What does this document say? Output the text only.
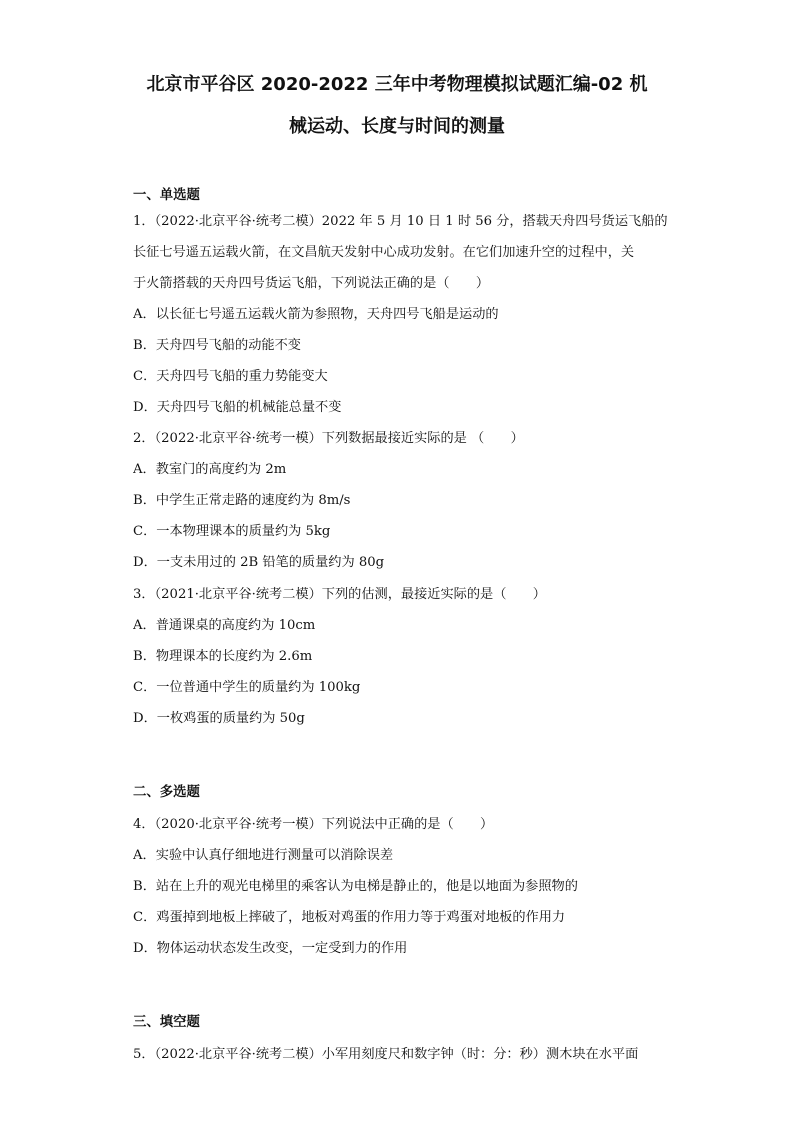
北京市平谷区 2020-2022 三年中考物理模拟试题汇编-02 机
械运动、长度与时间的测量
一、单选题
1．（2022·北京平谷·统考二模）2022 年 5 月 10 日 1 时 56 分，搭载天舟四号货运飞船的
长征七号遥五运载火箭，在文昌航天发射中心成功发射。在它们加速升空的过程中，关
于火箭搭载的天舟四号货运飞船，下列说法正确的是（　　）
A．以长征七号遥五运载火箭为参照物，天舟四号飞船是运动的
B．天舟四号飞船的动能不变
C．天舟四号飞船的重力势能变大
D．天舟四号飞船的机械能总量不变
2．（2022·北京平谷·统考一模）下列数据最接近实际的是 （　　）
A．教室门的高度约为 2m
B．中学生正常走路的速度约为 8m/s
C．一本物理课本的质量约为 5kg
D．一支未用过的 2B 铅笔的质量约为 80g
3．（2021·北京平谷·统考二模）下列的估测，最接近实际的是（　　）
A．普通课桌的高度约为 10cm
B．物理课本的长度约为 2.6m
C．一位普通中学生的质量约为 100kg
D．一枚鸡蛋的质量约为 50g
二、多选题
4．（2020·北京平谷·统考一模）下列说法中正确的是（　　）
A．实验中认真仔细地进行测量可以消除误差
B．站在上升的观光电梯里的乘客认为电梯是静止的，他是以地面为参照物的
C．鸡蛋掉到地板上摔破了，地板对鸡蛋的作用力等于鸡蛋对地板的作用力
D．物体运动状态发生改变，一定受到力的作用
三、填空题
5．（2022·北京平谷·统考二模）小军用刻度尺和数字钟（时：分：秒）测木块在水平面
